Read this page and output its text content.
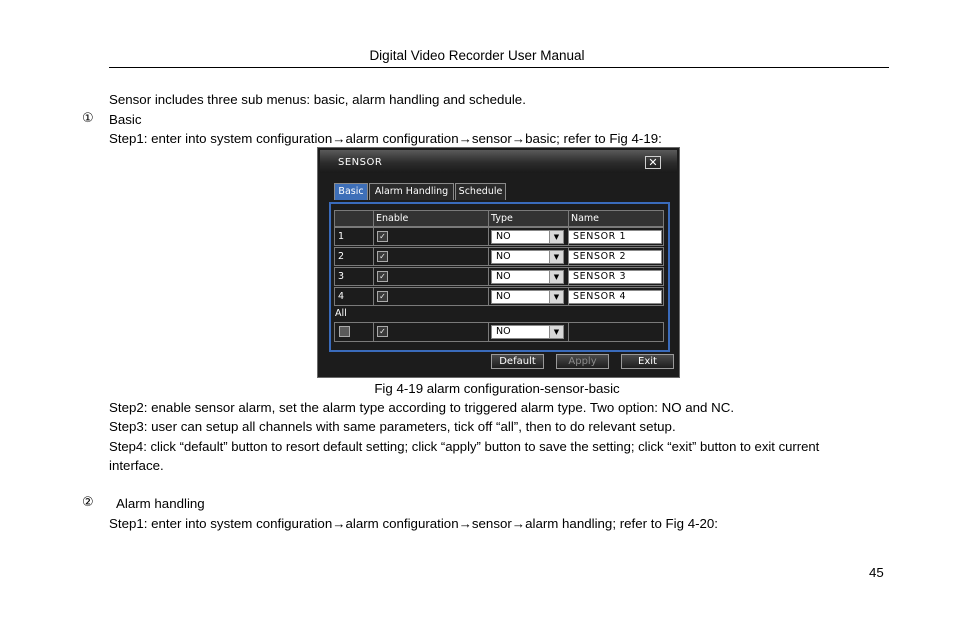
Digital Video Recorder User Manual
Sensor includes three sub menus: basic, alarm handling and schedule.
① Basic
Step1: enter into system configuration→alarm configuration→sensor→basic; refer to Fig 4-19:
SENSOR	✕
Basic	Alarm Handling	Schedule
Enable	Type	Name
1	✓	NO	▼	SENSOR 1
2	✓	NO	▼	SENSOR 2
3	✓	NO	▼	SENSOR 3
4	✓	NO	▼	SENSOR 4
All
✓	NO	▼
Default	Apply	Exit
Fig 4-19 alarm configuration-sensor-basic
Step2: enable sensor alarm, set the alarm type according to triggered alarm type. Two option: NO and NC.
Step3: user can setup all channels with same parameters, tick off “all”, then to do relevant setup.
Step4: click “default” button to resort default setting; click “apply” button to save the setting; click “exit” button to exit current
interface.
② Alarm handling
Step1: enter into system configuration→alarm configuration→sensor→alarm handling; refer to Fig 4-20:
45
